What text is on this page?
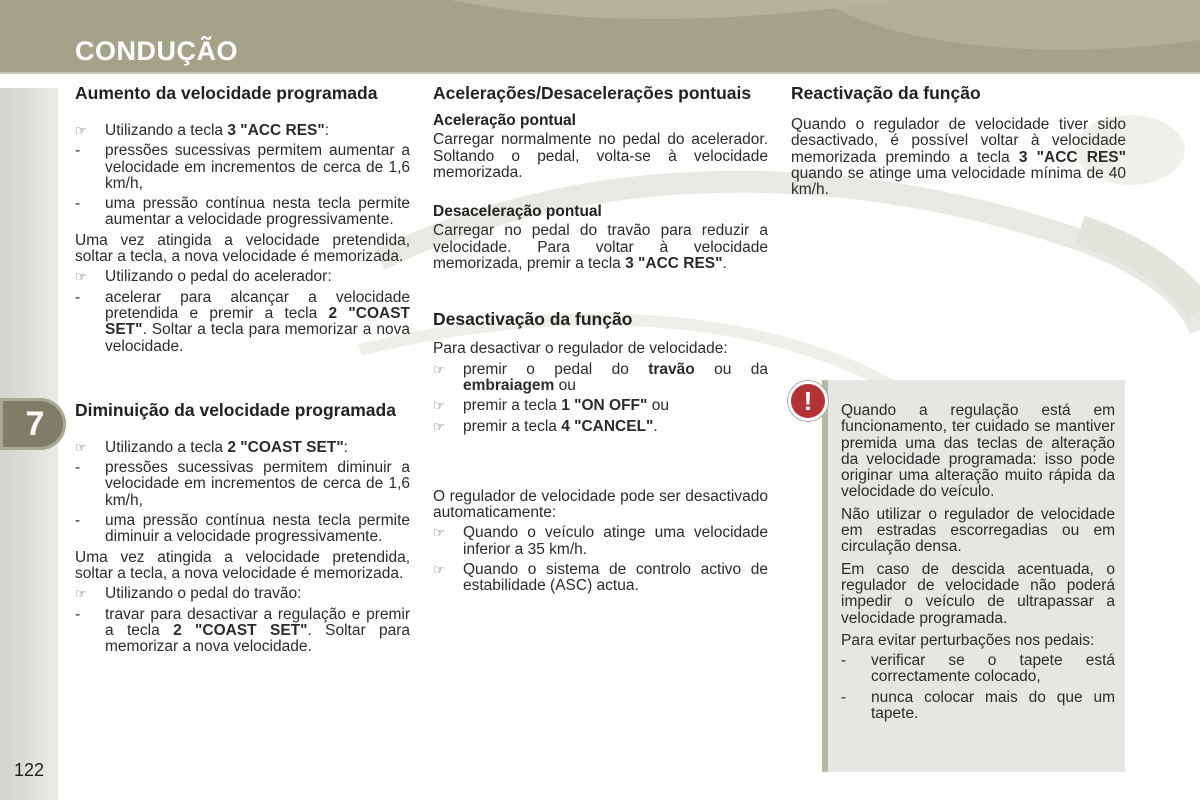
CONDUÇÃO
7
122
Aumento da velocidade programada
☞	Utilizando a tecla 3 "ACC RES":
-	pressões sucessivas permitem aumentar a velocidade em incrementos de cerca de 1,6 km/h,
-	uma pressão contínua nesta tecla permite aumentar a velocidade progressivamente.

Uma vez atingida a velocidade pretendida, soltar a tecla, a nova velocidade é memorizada.

☞	Utilizando o pedal do acelerador:
-	acelerar para alcançar a velocidade pretendida e premir a tecla 2 "COAST SET". Soltar a tecla para memorizar a nova velocidade.
Diminuição da velocidade programada
☞	Utilizando a tecla 2 "COAST SET":
-	pressões sucessivas permitem diminuir a velocidade em incrementos de cerca de 1,6 km/h,
-	uma pressão contínua nesta tecla permite diminuir a velocidade progressivamente.

Uma vez atingida a velocidade pretendida, soltar a tecla, a nova velocidade é memorizada.

☞	Utilizando o pedal do travão:
-	travar para desactivar a regulação e premir a tecla 2 "COAST SET". Soltar para memorizar a nova velocidade.
Acelerações/Desacelerações pontuais
Aceleração pontual

Carregar normalmente no pedal do acelerador. Soltando o pedal, volta-se à velocidade memorizada.

Desaceleração pontual

Carregar no pedal do travão para reduzir a velocidade. Para voltar à velocidade memorizada, premir a tecla 3 "ACC RES".

Desactivação da função

Para desactivar o regulador de velocidade:

☞	premir o pedal do travão ou da embraiagem ou
☞	premir a tecla 1 "ON OFF" ou
☞	premir a tecla 4 "CANCEL".

O regulador de velocidade pode ser desactivado automaticamente:

☞	Quando o veículo atinge uma velocidade inferior a 35 km/h.
☞	Quando o sistema de controlo activo de estabilidade (ASC) actua.
Reactivação da função

Quando o regulador de velocidade tiver sido desactivado, é possível voltar à velocidade memorizada premindo a tecla 3 "ACC RES" quando se atinge uma velocidade mínima de 40 km/h.

!	Quando a regulação está em funcionamento, ter cuidado se mantiver premida uma das teclas de alteração da velocidade programada: isso pode originar uma alteração muito rápida da velocidade do veículo.

Não utilizar o regulador de velocidade em estradas escorregadias ou em circulação densa.

Em caso de descida acentuada, o regulador de velocidade não poderá impedir o veículo de ultrapassar a velocidade programada.

Para evitar perturbações nos pedais:

-	verificar se o tapete está correctamente colocado,
-	nunca colocar mais do que um tapete.
